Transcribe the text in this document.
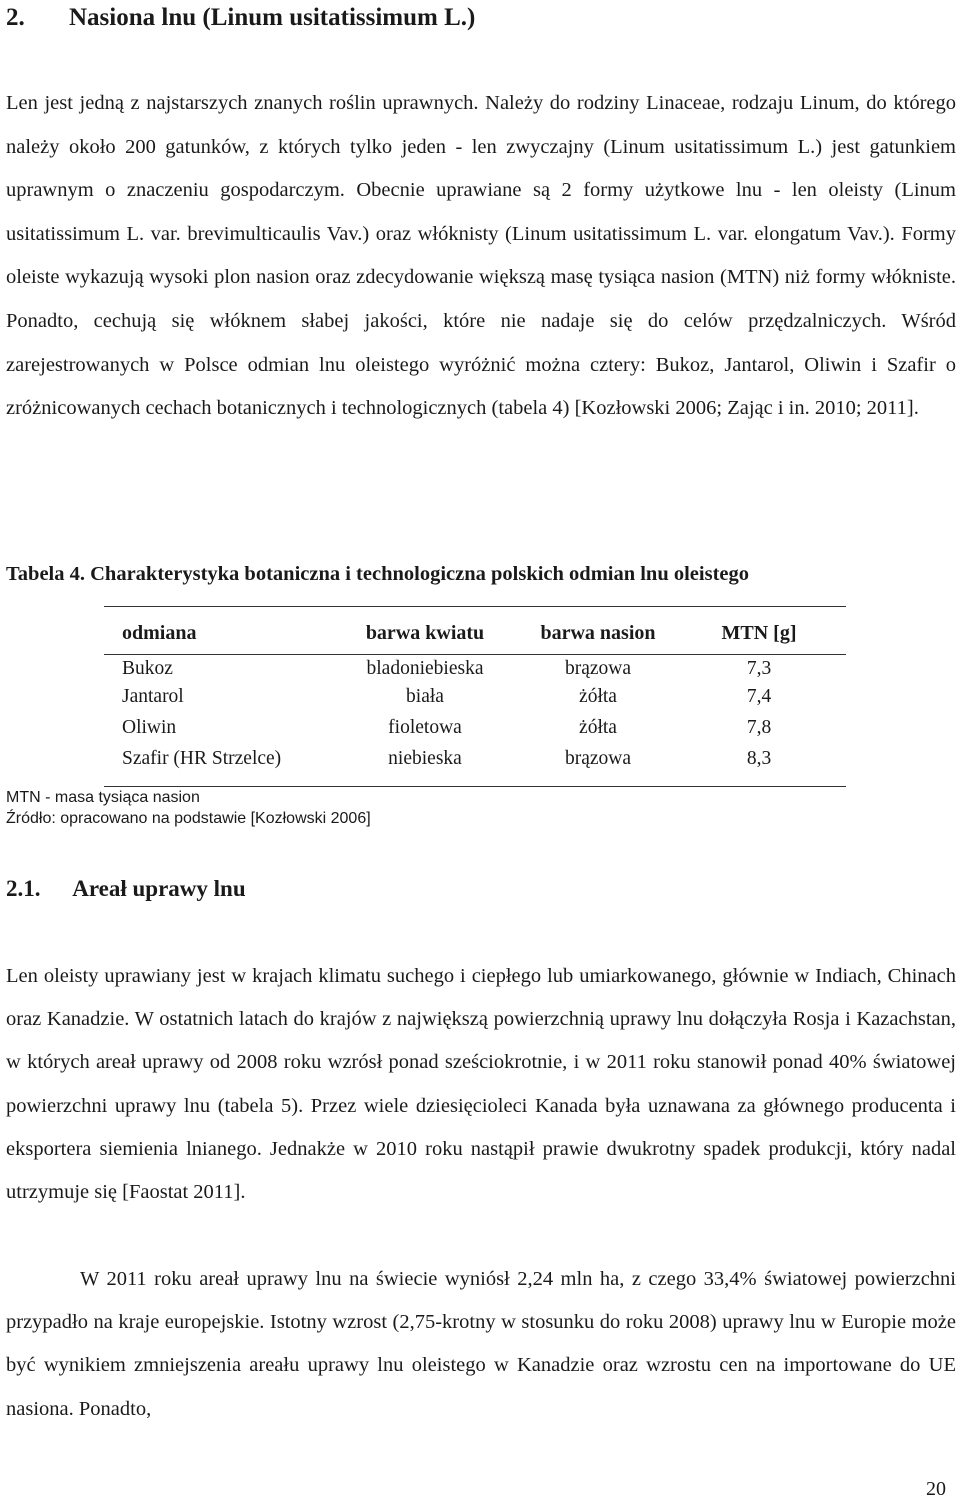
2. Nasiona lnu (Linum usitatissimum L.)

Len jest jedną z najstarszych znanych roślin uprawnych. Należy do rodziny Linaceae, rodzaju Linum, do którego należy około 200 gatunków, z których tylko jeden - len zwyczajny (Linum usitatissimum L.) jest gatunkiem uprawnym o znaczeniu gospodarczym. Obecnie uprawiane są 2 formy użytkowe lnu - len oleisty (Linum usitatissimum L. var. brevimulticaulis Vav.) oraz włóknisty (Linum usitatissimum L. var. elongatum Vav.). Formy oleiste wykazują wysoki plon nasion oraz zdecydowanie większą masę tysiąca nasion (MTN) niż formy włókniste. Ponadto, cechują się włóknem słabej jakości, które nie nadaje się do celów przędzalniczych. Wśród zarejestrowanych w Polsce odmian lnu oleistego wyróżnić można cztery: Bukoz, Jantarol, Oliwin i Szafir o zróżnicowanych cechach botanicznych i technologicznych (tabela 4) [Kozłowski 2006; Zając i in. 2010; 2011].

Tabela 4. Charakterystyka botaniczna i technologiczna polskich odmian lnu oleistego
odmiana	barwa kwiatu	barwa nasion	MTN [g]
Bukoz	bladoniebieska	brązowa	7,3
Jantarol	biała	żółta	7,4
Oliwin	fioletowa	żółta	7,8
Szafir (HR Strzelce)	niebieska	brązowa	8,3
MTN - masa tysiąca nasion
Źródło: opracowano na podstawie [Kozłowski 2006]
2.1. Areał uprawy lnu

Len oleisty uprawiany jest w krajach klimatu suchego i ciepłego lub umiarkowanego, głównie w Indiach, Chinach oraz Kanadzie. W ostatnich latach do krajów z największą powierzchnią uprawy lnu dołączyła Rosja i Kazachstan, w których areał uprawy od 2008 roku wzrósł ponad sześciokrotnie, i w 2011 roku stanowił ponad 40% światowej powierzchni uprawy lnu (tabela 5). Przez wiele dziesięcioleci Kanada była uznawana za głównego producenta i eksportera siemienia lnianego. Jednakże w 2010 roku nastąpił prawie dwukrotny spadek produkcji, który nadal utrzymuje się [Faostat 2011].

W 2011 roku areał uprawy lnu na świecie wyniósł 2,24 mln ha, z czego 33,4% światowej powierzchni przypadło na kraje europejskie. Istotny wzrost (2,75-krotny w stosunku do roku 2008) uprawy lnu w Europie może być wynikiem zmniejszenia areału uprawy lnu oleistego w Kanadzie oraz wzrostu cen na importowane do UE nasiona. Ponadto,

20
